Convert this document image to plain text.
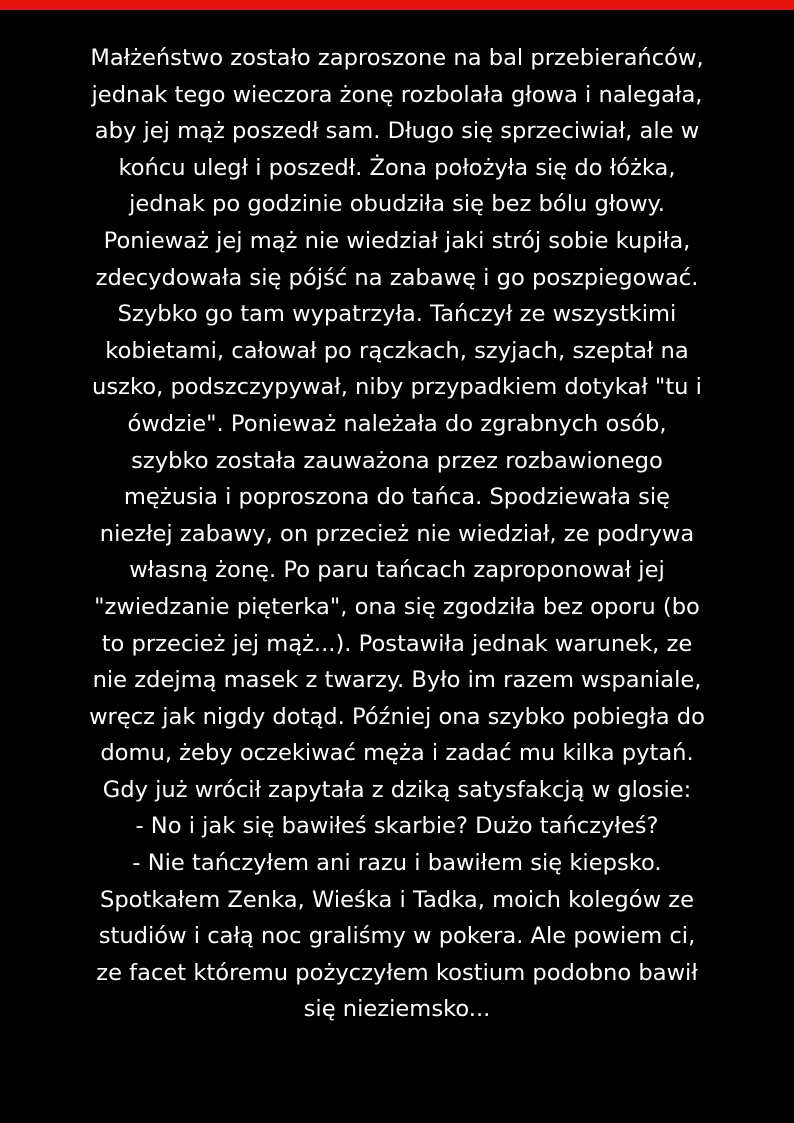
Małżeństwo zostało zaproszone na bal przebierańców,
jednak tego wieczora żonę rozbolała głowa i nalegała,
aby jej mąż poszedł sam. Długo się sprzeciwiał, ale w
końcu uległ i poszedł. Żona położyła się do łóżka,
jednak po godzinie obudziła się bez bólu głowy.
Ponieważ jej mąż nie wiedział jaki strój sobie kupiła,
zdecydowała się pójść na zabawę i go poszpiegować.
Szybko go tam wypatrzyła. Tańczył ze wszystkimi
kobietami, całował po rączkach, szyjach, szeptał na
uszko, podszczypywał, niby przypadkiem dotykał "tu i
ówdzie". Ponieważ należała do zgrabnych osób,
szybko została zauważona przez rozbawionego
mężusia i poproszona do tańca. Spodziewała się
niezłej zabawy, on przecież nie wiedział, ze podrywa
własną żonę. Po paru tańcach zaproponował jej
"zwiedzanie pięterka", ona się zgodziła bez oporu (bo
to przecież jej mąż...). Postawiła jednak warunek, ze
nie zdejmą masek z twarzy. Było im razem wspaniale,
wręcz jak nigdy dotąd. Później ona szybko pobiegła do
domu, żeby oczekiwać męża i zadać mu kilka pytań.
Gdy już wrócił zapytała z dziką satysfakcją w glosie:
- No i jak się bawiłeś skarbie? Dużo tańczyłeś?
- Nie tańczyłem ani razu i bawiłem się kiepsko.
Spotkałem Zenka, Wieśka i Tadka, moich kolegów ze
studiów i całą noc graliśmy w pokera. Ale powiem ci,
ze facet któremu pożyczyłem kostium podobno bawił
się nieziemsko...
